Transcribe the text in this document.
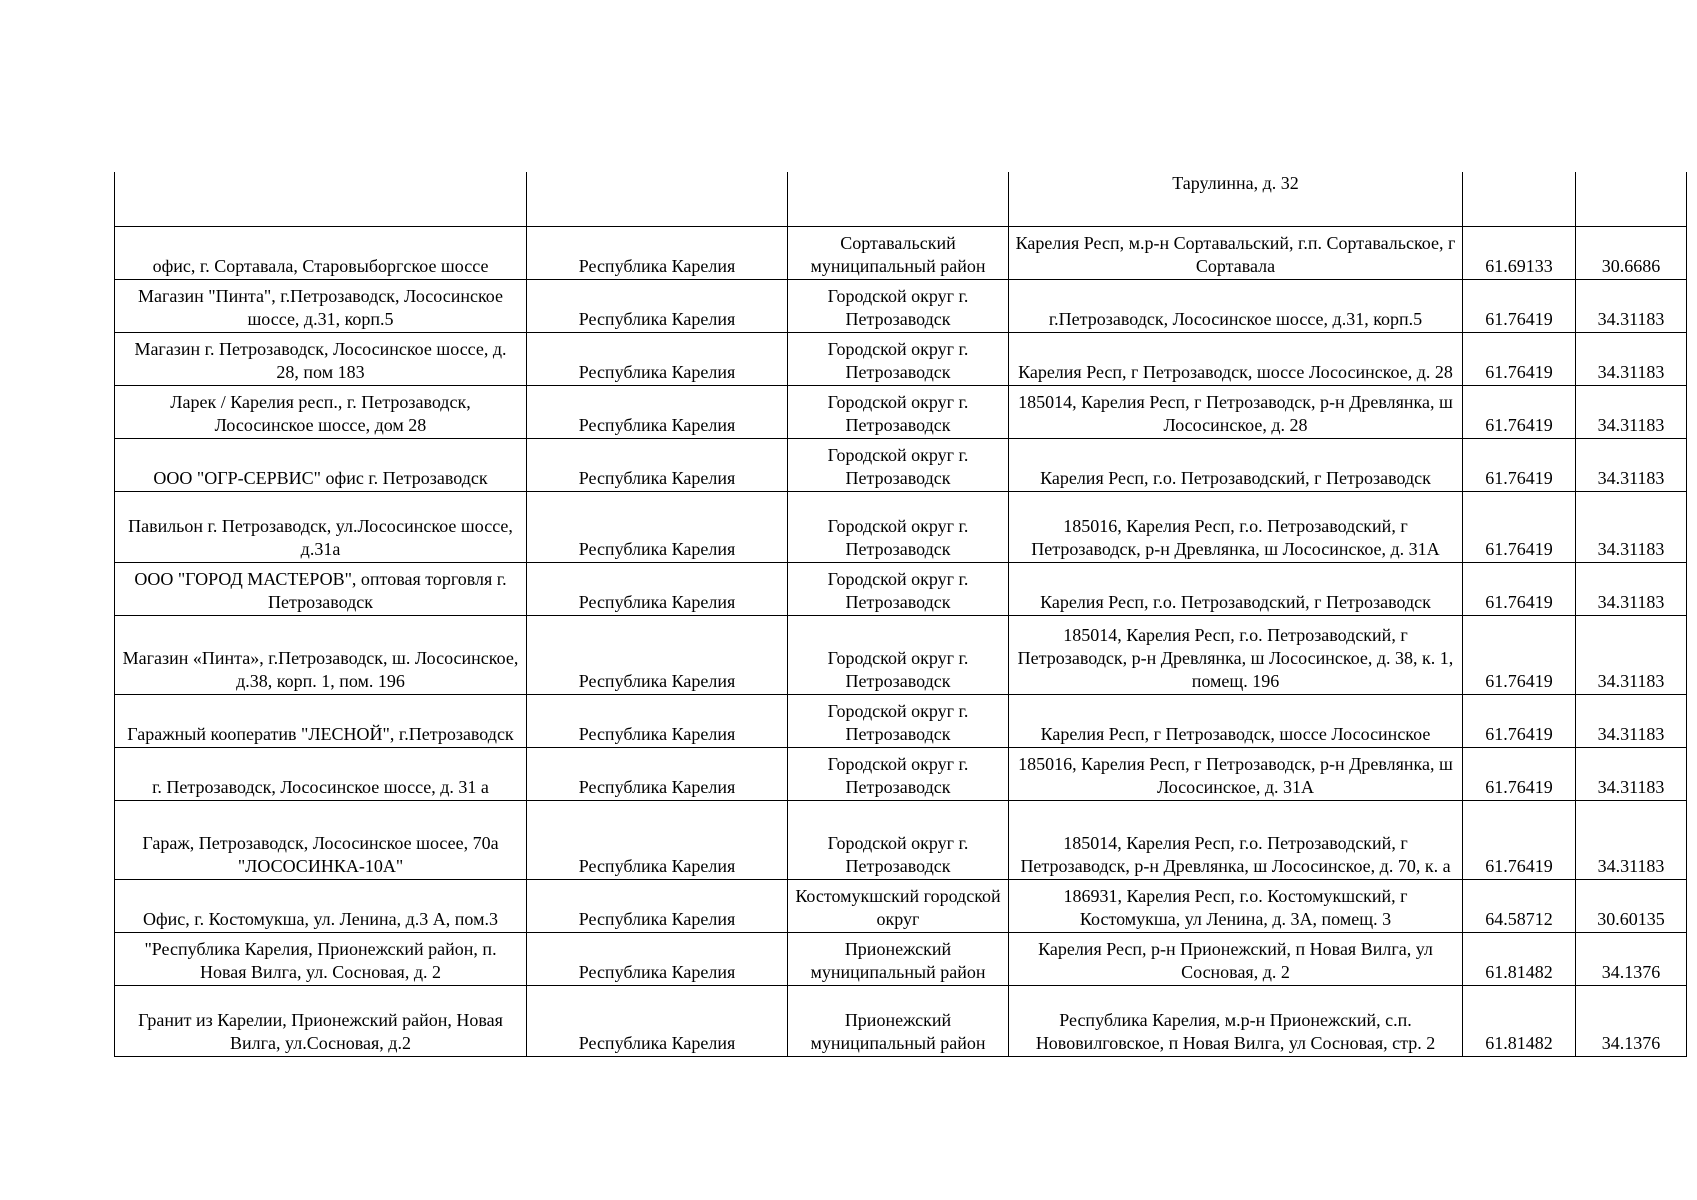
			Тарулинна, д. 32		
офис, г. Сортавала, Старовыборгское шоссе	Республика Карелия	Сортавальский муниципальный район	Карелия Респ, м.р-н Сортавальский, г.п. Сортавальское, г Сортавала	61.69133	30.6686
Магазин "Пинта", г.Петрозаводск, Лососинское шоссе, д.31, корп.5	Республика Карелия	Городской округ г. Петрозаводск	г.Петрозаводск, Лососинское шоссе, д.31, корп.5	61.76419	34.31183
Магазин г. Петрозаводск, Лососинское шоссе, д. 28, пом 183	Республика Карелия	Городской округ г. Петрозаводск	Карелия Респ, г Петрозаводск, шоссе Лососинское, д. 28	61.76419	34.31183
Ларек / Карелия респ., г. Петрозаводск, Лососинское шоссе, дом 28	Республика Карелия	Городской округ г. Петрозаводск	185014, Карелия Респ, г Петрозаводск, р-н Древлянка, ш Лососинское, д. 28	61.76419	34.31183
ООО "ОГР-СЕРВИС" офис г. Петрозаводск	Республика Карелия	Городской округ г. Петрозаводск	Карелия Респ, г.о. Петрозаводский, г Петрозаводск	61.76419	34.31183
Павильон г. Петрозаводск, ул.Лососинское шоссе, д.31а	Республика Карелия	Городской округ г. Петрозаводск	185016, Карелия Респ, г.о. Петрозаводский, г Петрозаводск, р-н Древлянка, ш Лососинское, д. 31А	61.76419	34.31183
ООО "ГОРОД МАСТЕРОВ", оптовая торговля г. Петрозаводск	Республика Карелия	Городской округ г. Петрозаводск	Карелия Респ, г.о. Петрозаводский, г Петрозаводск	61.76419	34.31183
Магазин «Пинта», г.Петрозаводск, ш. Лососинское, д.38, корп. 1, пом. 196	Республика Карелия	Городской округ г. Петрозаводск	185014, Карелия Респ, г.о. Петрозаводский, г Петрозаводск, р-н Древлянка, ш Лососинское, д. 38, к. 1, помещ. 196	61.76419	34.31183
Гаражный кооператив "ЛЕСНОЙ", г.Петрозаводск	Республика Карелия	Городской округ г. Петрозаводск	Карелия Респ, г Петрозаводск, шоссе Лососинское	61.76419	34.31183
г. Петрозаводск, Лососинское шоссе, д. 31 а	Республика Карелия	Городской округ г. Петрозаводск	185016, Карелия Респ, г Петрозаводск, р-н Древлянка, ш Лососинское, д. 31А	61.76419	34.31183
Гараж, Петрозаводск, Лососинское шосее, 70а "ЛОСОСИНКА-10А"	Республика Карелия	Городской округ г. Петрозаводск	185014, Карелия Респ, г.о. Петрозаводский, г Петрозаводск, р-н Древлянка, ш Лососинское, д. 70, к. а	61.76419	34.31183
Офис, г. Костомукша, ул. Ленина, д.3 А, пом.3	Республика Карелия	Костомукшский городской округ	186931, Карелия Респ, г.о. Костомукшский, г Костомукша, ул Ленина, д. 3А, помещ. 3	64.58712	30.60135
"Республика Карелия, Прионежский район, п. Новая Вилга, ул. Сосновая, д. 2	Республика Карелия	Прионежский муниципальный район	Карелия Респ, р-н Прионежский, п Новая Вилга, ул Сосновая, д. 2	61.81482	34.1376
Гранит из Карелии, Прионежский район, Новая Вилга, ул.Сосновая, д.2	Республика Карелия	Прионежский муниципальный район	Республика Карелия, м.р-н Прионежский, с.п. Нововилговское, п Новая Вилга, ул Сосновая, стр. 2	61.81482	34.1376
